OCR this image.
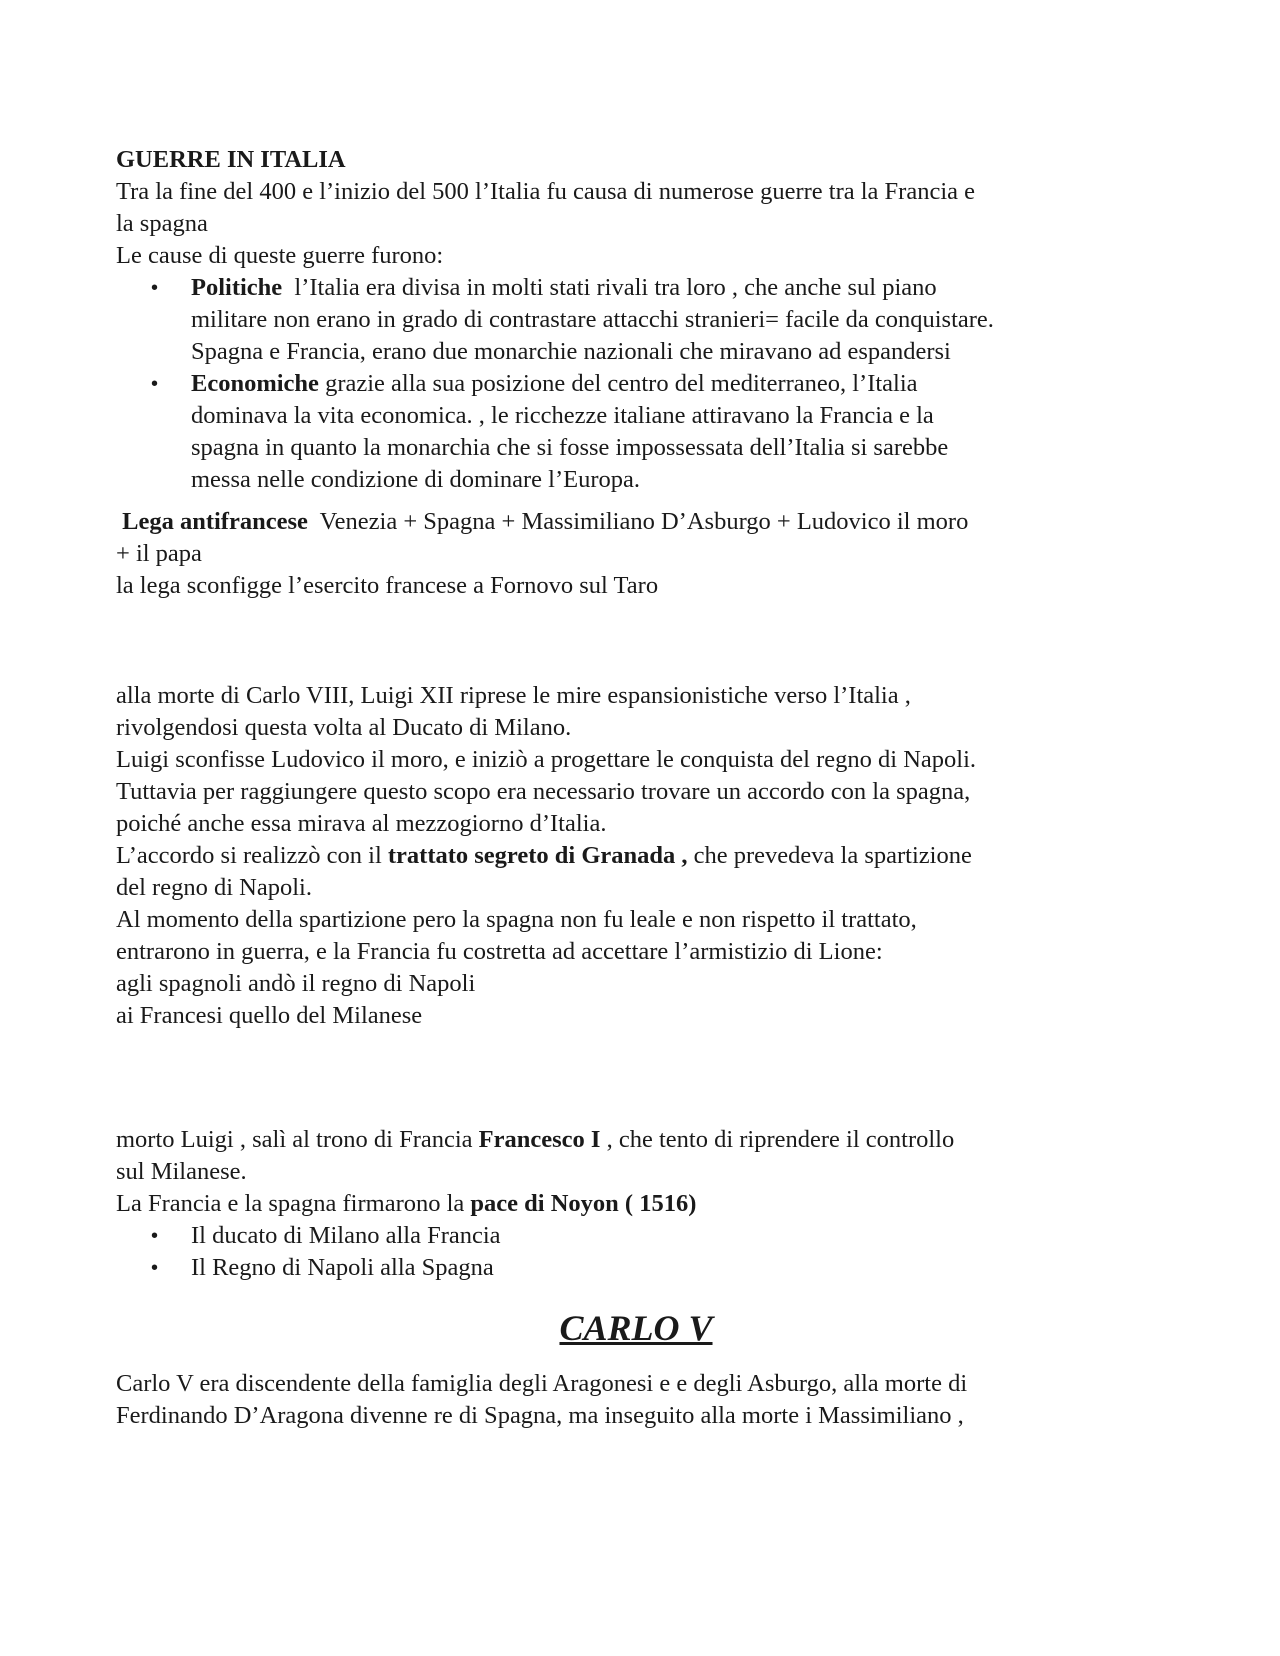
GUERRE IN ITALIA
Tra la fine del 400 e l’inizio del 500 l’Italia fu causa di numerose guerre tra la Francia e
la spagna
Le cause di queste guerre furono:
• Politiche  l’Italia era divisa in molti stati rivali tra loro , che anche sul piano
militare non erano in grado di contrastare attacchi stranieri= facile da conquistare.
Spagna e Francia, erano due monarchie nazionali che miravano ad espandersi
• Economiche grazie alla sua posizione del centro del mediterraneo, l’Italia
dominava la vita economica. , le ricchezze italiane attiravano la Francia e la
spagna in quanto la monarchia che si fosse impossessata dell’Italia si sarebbe
messa nelle condizione di dominare l’Europa.
Lega antifrancese  Venezia + Spagna + Massimiliano D’Asburgo + Ludovico il moro
+ il papa
la lega sconfigge l’esercito francese a Fornovo sul Taro
alla morte di Carlo VIII, Luigi XII riprese le mire espansionistiche verso l’Italia ,
rivolgendosi questa volta al Ducato di Milano.
Luigi sconfisse Ludovico il moro, e iniziò a progettare le conquista del regno di Napoli.
Tuttavia per raggiungere questo scopo era necessario trovare un accordo con la spagna,
poiché anche essa mirava al mezzogiorno d’Italia.
L’accordo si realizzò con il trattato segreto di Granada , che prevedeva la spartizione
del regno di Napoli.
Al momento della spartizione pero la spagna non fu leale e non rispetto il trattato,
entrarono in guerra, e la Francia fu costretta ad accettare l’armistizio di Lione:
agli spagnoli andò il regno di Napoli
ai Francesi quello del Milanese
morto Luigi , salì al trono di Francia Francesco I , che tento di riprendere il controllo
sul Milanese.
La Francia e la spagna firmarono la pace di Noyon ( 1516)
• Il ducato di Milano alla Francia
• Il Regno di Napoli alla Spagna
CARLO V
Carlo V era discendente della famiglia degli Aragonesi e e degli Asburgo, alla morte di
Ferdinando D’Aragona divenne re di Spagna, ma inseguito alla morte i Massimiliano ,
